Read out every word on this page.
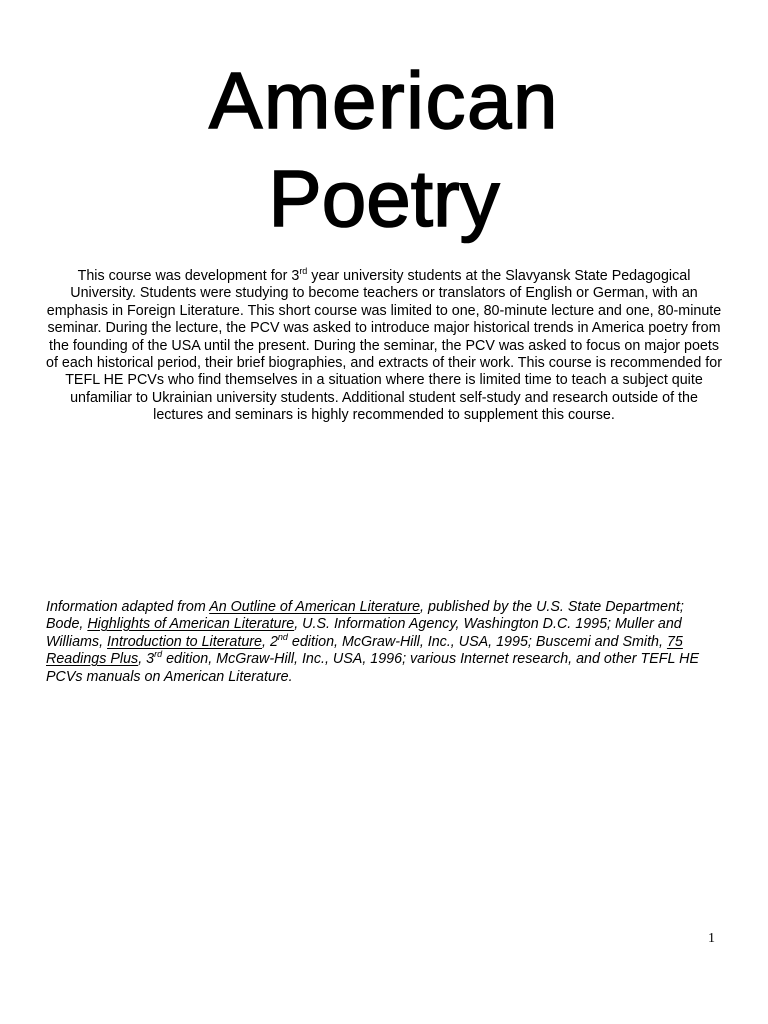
American
Poetry

This course was development for 3rd year university students at the Slavyansk State Pedagogical University. Students were studying to become teachers or translators of English or German, with an emphasis in Foreign Literature. This short course was limited to one, 80-minute lecture and one, 80-minute seminar. During the lecture, the PCV was asked to introduce major historical trends in America poetry from the founding of the USA until the present. During the seminar, the PCV was asked to focus on major poets of each historical period, their brief biographies, and extracts of their work. This course is recommended for TEFL HE PCVs who find themselves in a situation where there is limited time to teach a subject quite unfamiliar to Ukrainian university students. Additional student self-study and research outside of the lectures and seminars is highly recommended to supplement this course.

Information adapted from An Outline of American Literature, published by the U.S. State Department; Bode, Highlights of American Literature, U.S. Information Agency, Washington D.C. 1995; Muller and Williams, Introduction to Literature, 2nd edition, McGraw-Hill, Inc., USA, 1995; Buscemi and Smith, 75 Readings Plus, 3rd edition, McGraw-Hill, Inc., USA, 1996; various Internet research, and other TEFL HE PCVs manuals on American Literature.

1
